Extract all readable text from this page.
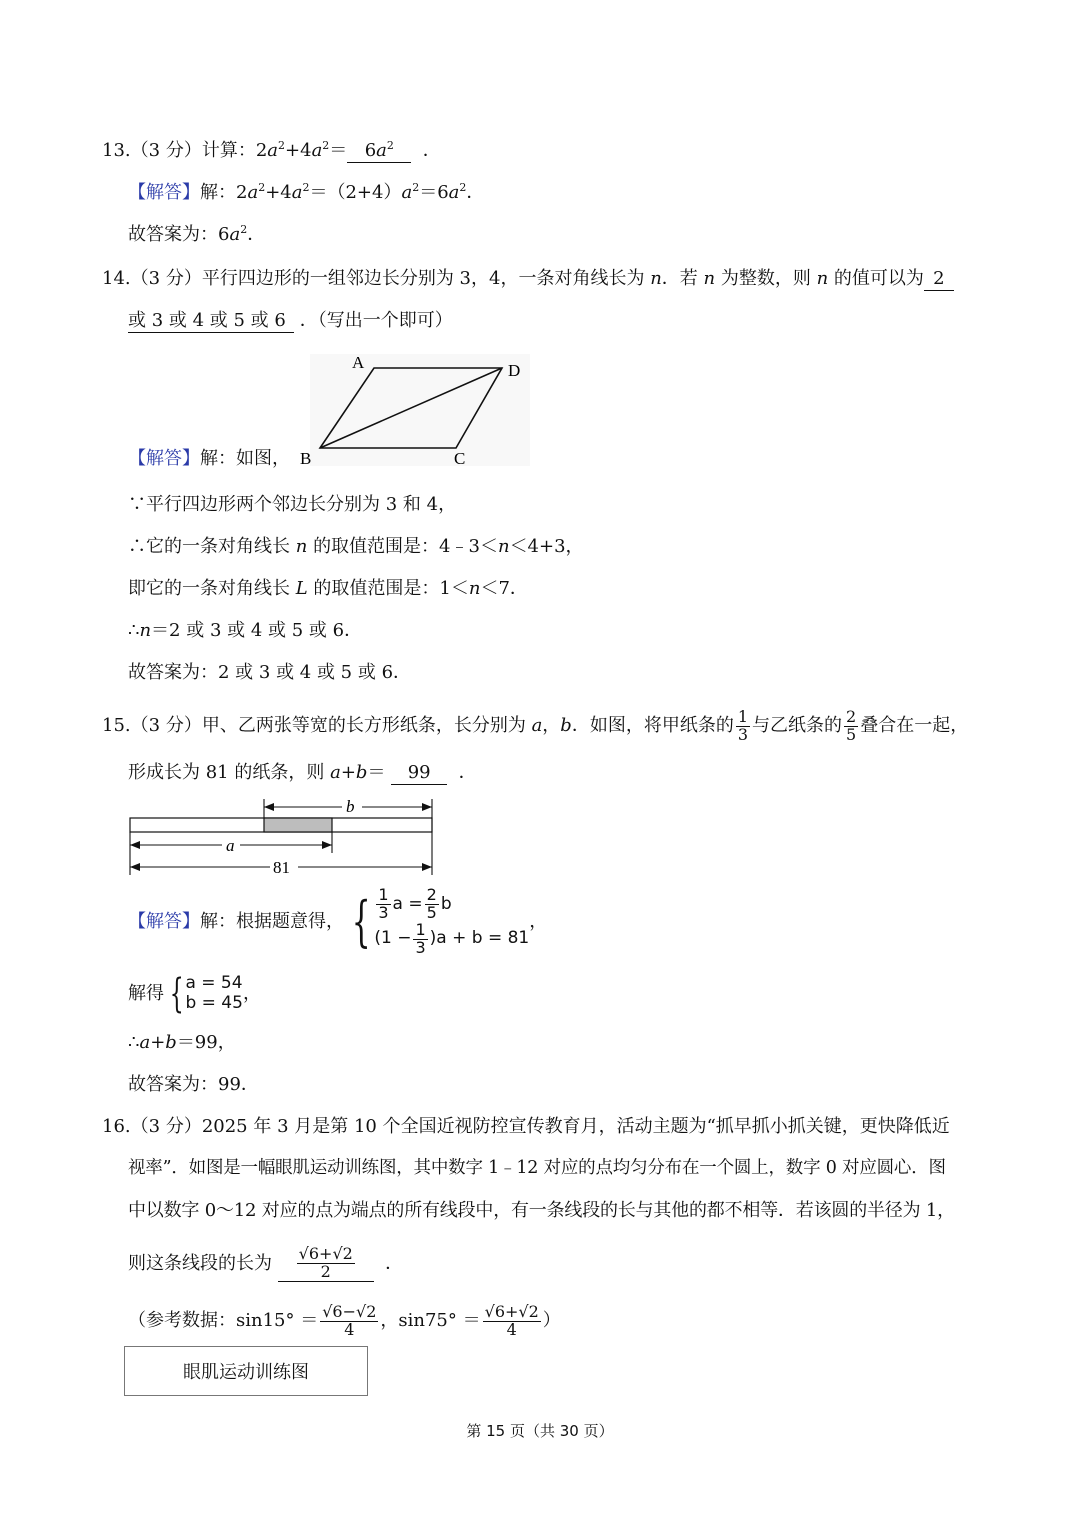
13.（3 分）计算：$2a^2+4a^2= 6a^2$  ．
【解答】解：$2a^2+4a^2=(2+4)a^2=6a^2$．
故答案为：$6a^2$．
14.（3 分）平行四边形的一组邻边长分别为 3，4，一条对角线长为 n．若 n 为整数，则 n 的值可以为 2
或 3 或 4 或 5 或 6 ．（写出一个即可）
A	D
B	C
【解答】解：如图，
∵平行四边形两个邻边长分别为 3 和 4，
∴它的一条对角线长 n 的取值范围是：4﹣3＜n＜4+3，
即它的一条对角线长 L 的取值范围是：1＜n＜7．
∴n＝2 或 3 或 4 或 5 或 6．
故答案为：2 或 3 或 4 或 5 或 6．
15. （3 分） 甲、乙两张等宽的长方形纸条，长分别为
a ， b ．如图，将甲纸条的 $\frac{1}{3}$ 与乙纸条的 $\frac{2}{5}$ 叠合在一起，
形成长为 81 的纸条，则 a+b＝ 99  ．
b
a
81
【解答】 解：根据题意得， { $\frac{1}{3}$ $a = \frac{2}{5}$ b
$(1 - \frac{1}{3} )a + b = 81$
，
解得 { a = 54
b = 45 ，
∴a+b＝99，
故答案为：99．
16.（3 分）2025 年 3 月是第 10 个全国近视防控宣传教育月，活动主题为“抓早抓小抓关键，更快降低近
视率”．如图是一幅眼肌运动训练图，其中数字 1﹣12 对应的点均匀分布在一个圆上，数字 0 对应圆心．图
中以数字 0～12 对应的点为端点的所有线段中，有一条线段的长与其他的都不相等．若该圆的半径为 1，
则这条线段的长为
$\frac{√6+√2}{2}$ ．
（参考数据：$\sin 15^\circ = \frac{√6-√2}{4}$ ，$\sin 75^\circ = \frac{√6+√2}{4}$ ）
眼肌运动训练图
第 15 页（共 30 页）
